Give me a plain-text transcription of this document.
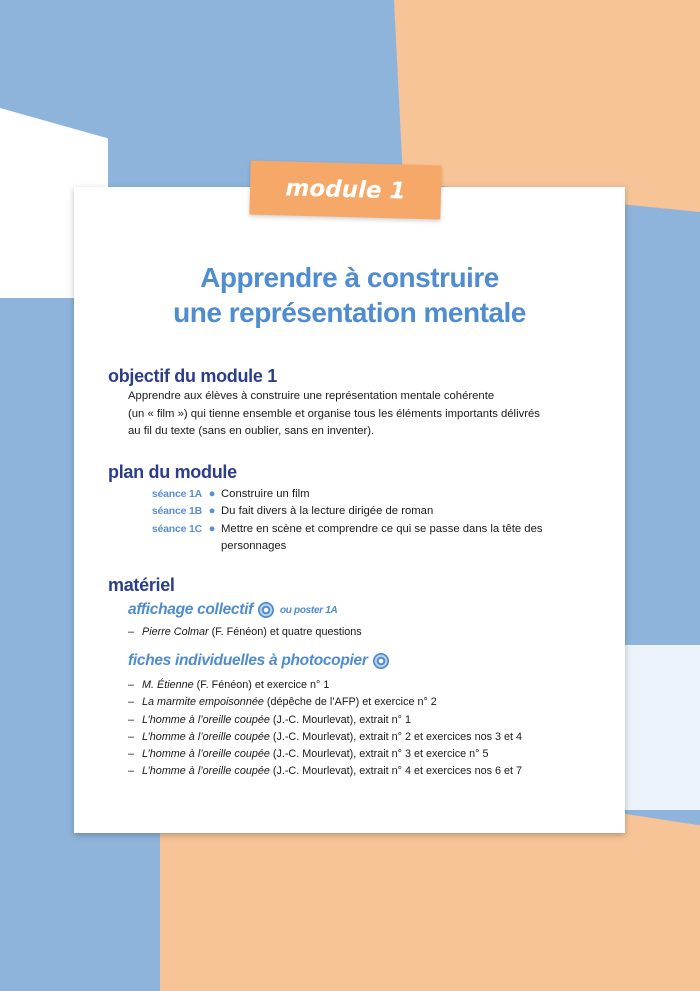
module 1
Apprendre à construire
une représentation mentale
objectif du module 1
Apprendre aux élèves à construire une représentation mentale cohérente
(un « film ») qui tienne ensemble et organise tous les éléments importants délivrés
au fil du texte (sans en oublier, sans en inventer).
plan du module
séance 1A ● Construire un film
séance 1B ● Du fait divers à la lecture dirigée de roman
séance 1C ● Mettre en scène et comprendre ce qui se passe dans la tête des personnages
matériel
affichage collectif	ou poster 1A
– Pierre Colmar (F. Fénéon) et quatre questions
fiches individuelles à photocopier
– M. Étienne (F. Fénéon) et exercice n° 1
– La marmite empoisonnée (dépêche de l’AFP) et exercice n° 2
– L’homme à l’oreille coupée (J.-C. Mourlevat), extrait n° 1
– L’homme à l’oreille coupée (J.-C. Mourlevat), extrait n° 2 et exercices nos 3 et 4
– L’homme à l’oreille coupée (J.-C. Mourlevat), extrait n° 3 et exercice n° 5
– L’homme à l’oreille coupée (J.-C. Mourlevat), extrait n° 4 et exercices nos 6 et 7
